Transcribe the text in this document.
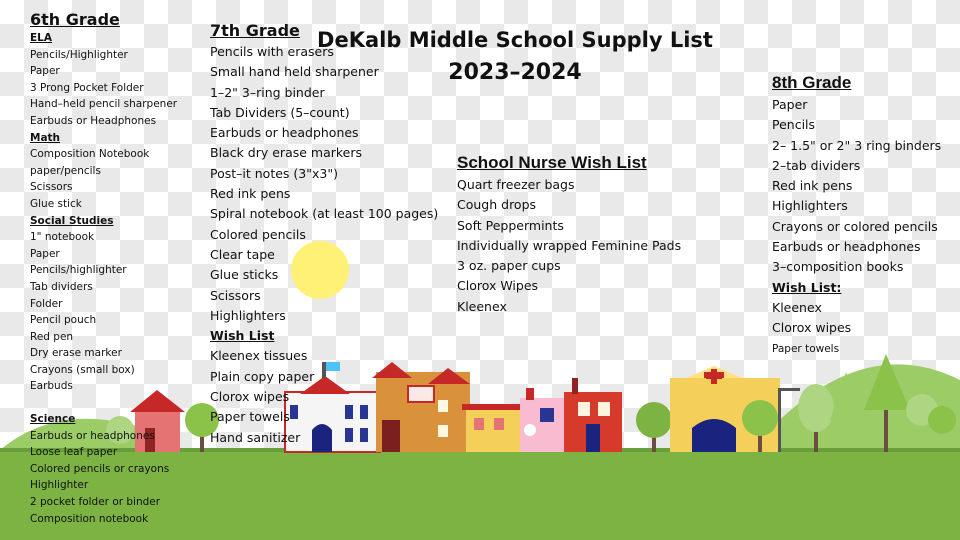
DeKalb Middle School Supply List
2023–2024
6th Grade
ELA
Pencils/Highlighter
Paper
3 Prong Pocket Folder
Hand–held pencil sharpener
Earbuds or Headphones
Math
Composition Notebook
paper/pencils
Scissors
Glue stick
Social Studies
1" notebook
Paper
Pencils/highlighter
Tab dividers
Folder
Pencil pouch
Red pen
Dry erase marker
Crayons (small box)
Earbuds
Science
Earbuds or headphones
Loose leaf paper
Colored pencils or crayons
Highlighter
2 pocket folder or binder
Composition notebook
7th Grade
Pencils with erasers
Small hand held sharpener
1–2" 3–ring binder
Tab Dividers (5–count)
Earbuds or headphones
Black dry erase markers
Post–it notes (3"x3")
Red ink pens
Spiral notebook (at least 100 pages)
Colored pencils
Clear tape
Glue sticks
Scissors
Highlighters
Wish List
Kleenex tissues
Plain copy paper
Clorox wipes
Paper towels
Hand sanitizer
School Nurse Wish List
Quart freezer bags
Cough drops
Soft Peppermints
Individually wrapped Feminine Pads
3 oz. paper cups
Clorox Wipes
Kleenex
8th Grade
Paper
Pencils
2– 1.5" or 2" 3 ring binders
2–tab dividers
Red ink pens
Highlighters
Crayons or colored pencils
Earbuds or headphones
3–composition books
Wish List:
Kleenex
Clorox wipes
Paper towels
